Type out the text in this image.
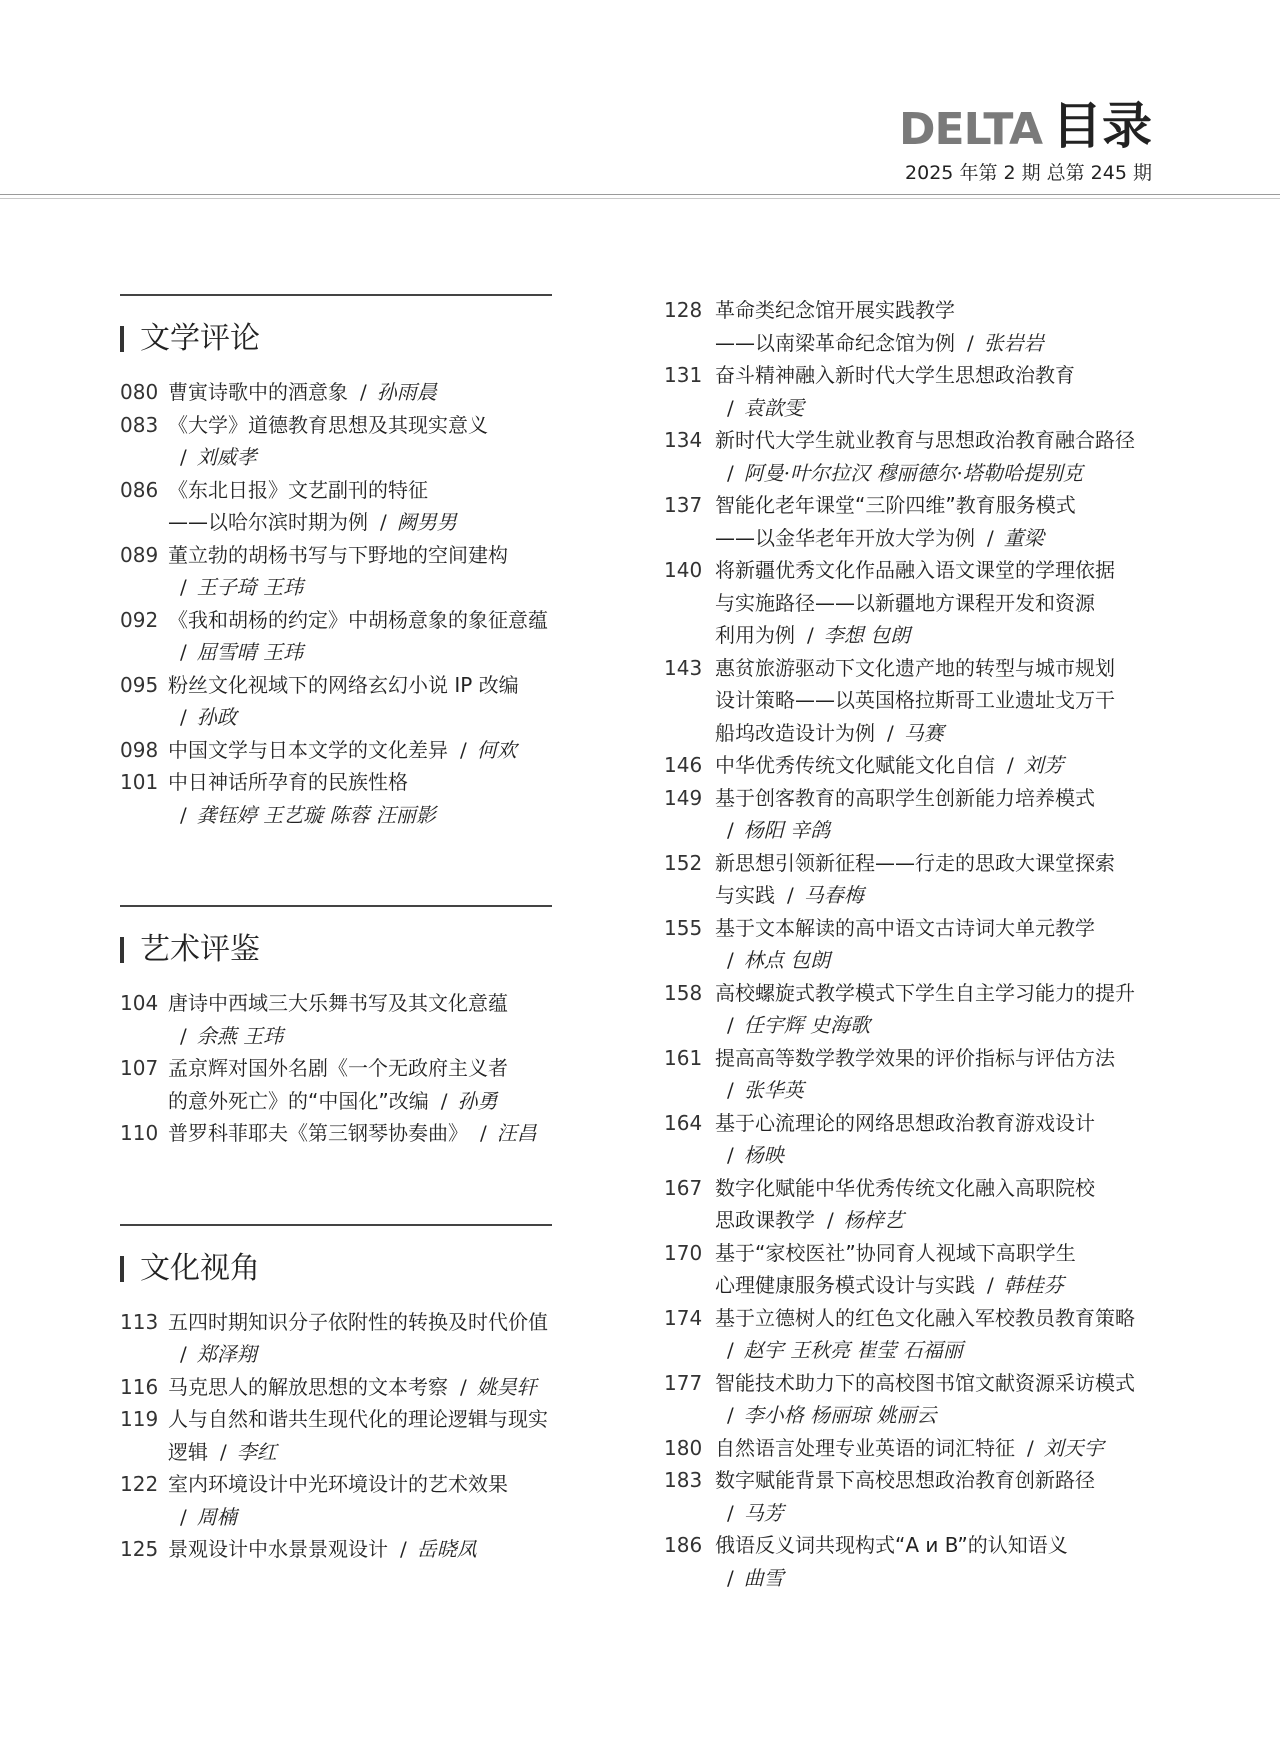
DELTA 目录
2025 年第 2 期 总第 245 期
文学评论
080 曹寅诗歌中的酒意象 / 孙雨晨
083 《大学》道德教育思想及其现实意义
/ 刘威孝
086 《东北日报》文艺副刊的特征
——以哈尔滨时期为例 / 阙男男
089 董立勃的胡杨书写与下野地的空间建构
/ 王子琦 王玮
092 《我和胡杨的约定》中胡杨意象的象征意蕴
/ 屈雪晴 王玮
095 粉丝文化视域下的网络玄幻小说 IP 改编
/ 孙政
098 中国文学与日本文学的文化差异 / 何欢
101 中日神话所孕育的民族性格
/ 龚钰婷 王艺璇 陈蓉 汪丽影
艺术评鉴
104 唐诗中西域三大乐舞书写及其文化意蕴
/ 余燕 王玮
107 孟京辉对国外名剧《一个无政府主义者
的意外死亡》的“中国化”改编 / 孙勇
110 普罗科菲耶夫《第三钢琴协奏曲》 / 汪昌
文化视角
113 五四时期知识分子依附性的转换及时代价值
/ 郑泽翔
116 马克思人的解放思想的文本考察 / 姚昊轩
119 人与自然和谐共生现代化的理论逻辑与现实
逻辑 / 李红
122 室内环境设计中光环境设计的艺术效果
/ 周楠
125 景观设计中水景景观设计 / 岳晓凤
128 革命类纪念馆开展实践教学
——以南梁革命纪念馆为例 / 张岩岩
131 奋斗精神融入新时代大学生思想政治教育
/ 袁歆雯
134 新时代大学生就业教育与思想政治教育融合路径
/ 阿曼·叶尔拉汉 穆丽德尔·塔勒哈提别克
137 智能化老年课堂“三阶四维”教育服务模式
——以金华老年开放大学为例 / 董梁
140 将新疆优秀文化作品融入语文课堂的学理依据
与实施路径——以新疆地方课程开发和资源
利用为例 / 李想 包朗
143 惠贫旅游驱动下文化遗产地的转型与城市规划
设计策略——以英国格拉斯哥工业遗址戈万干
船坞改造设计为例 / 马赛
146 中华优秀传统文化赋能文化自信 / 刘芳
149 基于创客教育的高职学生创新能力培养模式
/ 杨阳 辛鸽
152 新思想引领新征程——行走的思政大课堂探索
与实践 / 马春梅
155 基于文本解读的高中语文古诗词大单元教学
/ 林点 包朗
158 高校螺旋式教学模式下学生自主学习能力的提升
/ 任宇辉 史海歌
161 提高高等数学教学效果的评价指标与评估方法
/ 张华英
164 基于心流理论的网络思想政治教育游戏设计
/ 杨映
167 数字化赋能中华优秀传统文化融入高职院校
思政课教学 / 杨梓艺
170 基于“家校医社”协同育人视域下高职学生
心理健康服务模式设计与实践 / 韩桂芬
174 基于立德树人的红色文化融入军校教员教育策略
/ 赵宇 王秋亮 崔莹 石福丽
177 智能技术助力下的高校图书馆文献资源采访模式
/ 李小格 杨丽琼 姚丽云
180 自然语言处理专业英语的词汇特征 / 刘天宇
183 数字赋能背景下高校思想政治教育创新路径
/ 马芳
186 俄语反义词共现构式“A и B”的认知语义
/ 曲雪
